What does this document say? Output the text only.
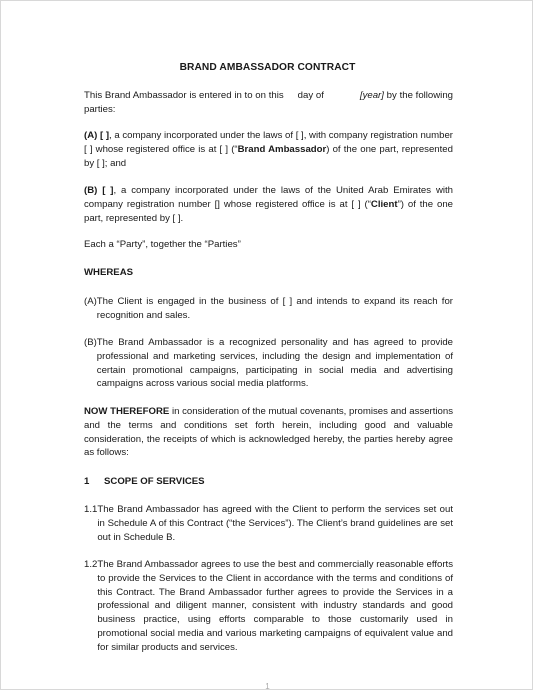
BRAND AMBASSADOR CONTRACT
This Brand Ambassador is entered in to on this day of	[year] by the following parties:
(A) [ ], a company incorporated under the laws of [ ], with company registration number [ ] whose registered office is at [ ] (“Brand Ambassador) of the one part, represented by [ ]; and
(B) [ ], a company incorporated under the laws of the United Arab Emirates with company registration number [] whose registered office is at [ ] (“Client”) of the one part, represented by [ ].
Each a “Party”, together the “Parties”
WHEREAS
(A) The Client is engaged in the business of [ ] and intends to expand its reach for recognition and sales.
(B) The Brand Ambassador is a recognized personality and has agreed to provide professional and marketing services, including the design and implementation of certain promotional campaigns, participating in social media and advertising campaigns across various social media platforms.
NOW THEREFORE in consideration of the mutual covenants, promises and assertions and the terms and conditions set forth herein, including good and valuable consideration, the receipts of which is acknowledged hereby, the parties hereby agree as follows:
1 SCOPE OF SERVICES
1.1 The Brand Ambassador has agreed with the Client to perform the services set out in Schedule A of this Contract (“the Services”). The Client’s brand guidelines are set out in Schedule B.
1.2 The Brand Ambassador agrees to use the best and commercially reasonable efforts to provide the Services to the Client in accordance with the terms and conditions of this Contract. The Brand Ambassador further agrees to provide the Services in a professional and diligent manner, consistent with industry standards and good business practice, using efforts comparable to those customarily used in promotional social media and various marketing campaigns of equivalent value and for similar products and services.
1
